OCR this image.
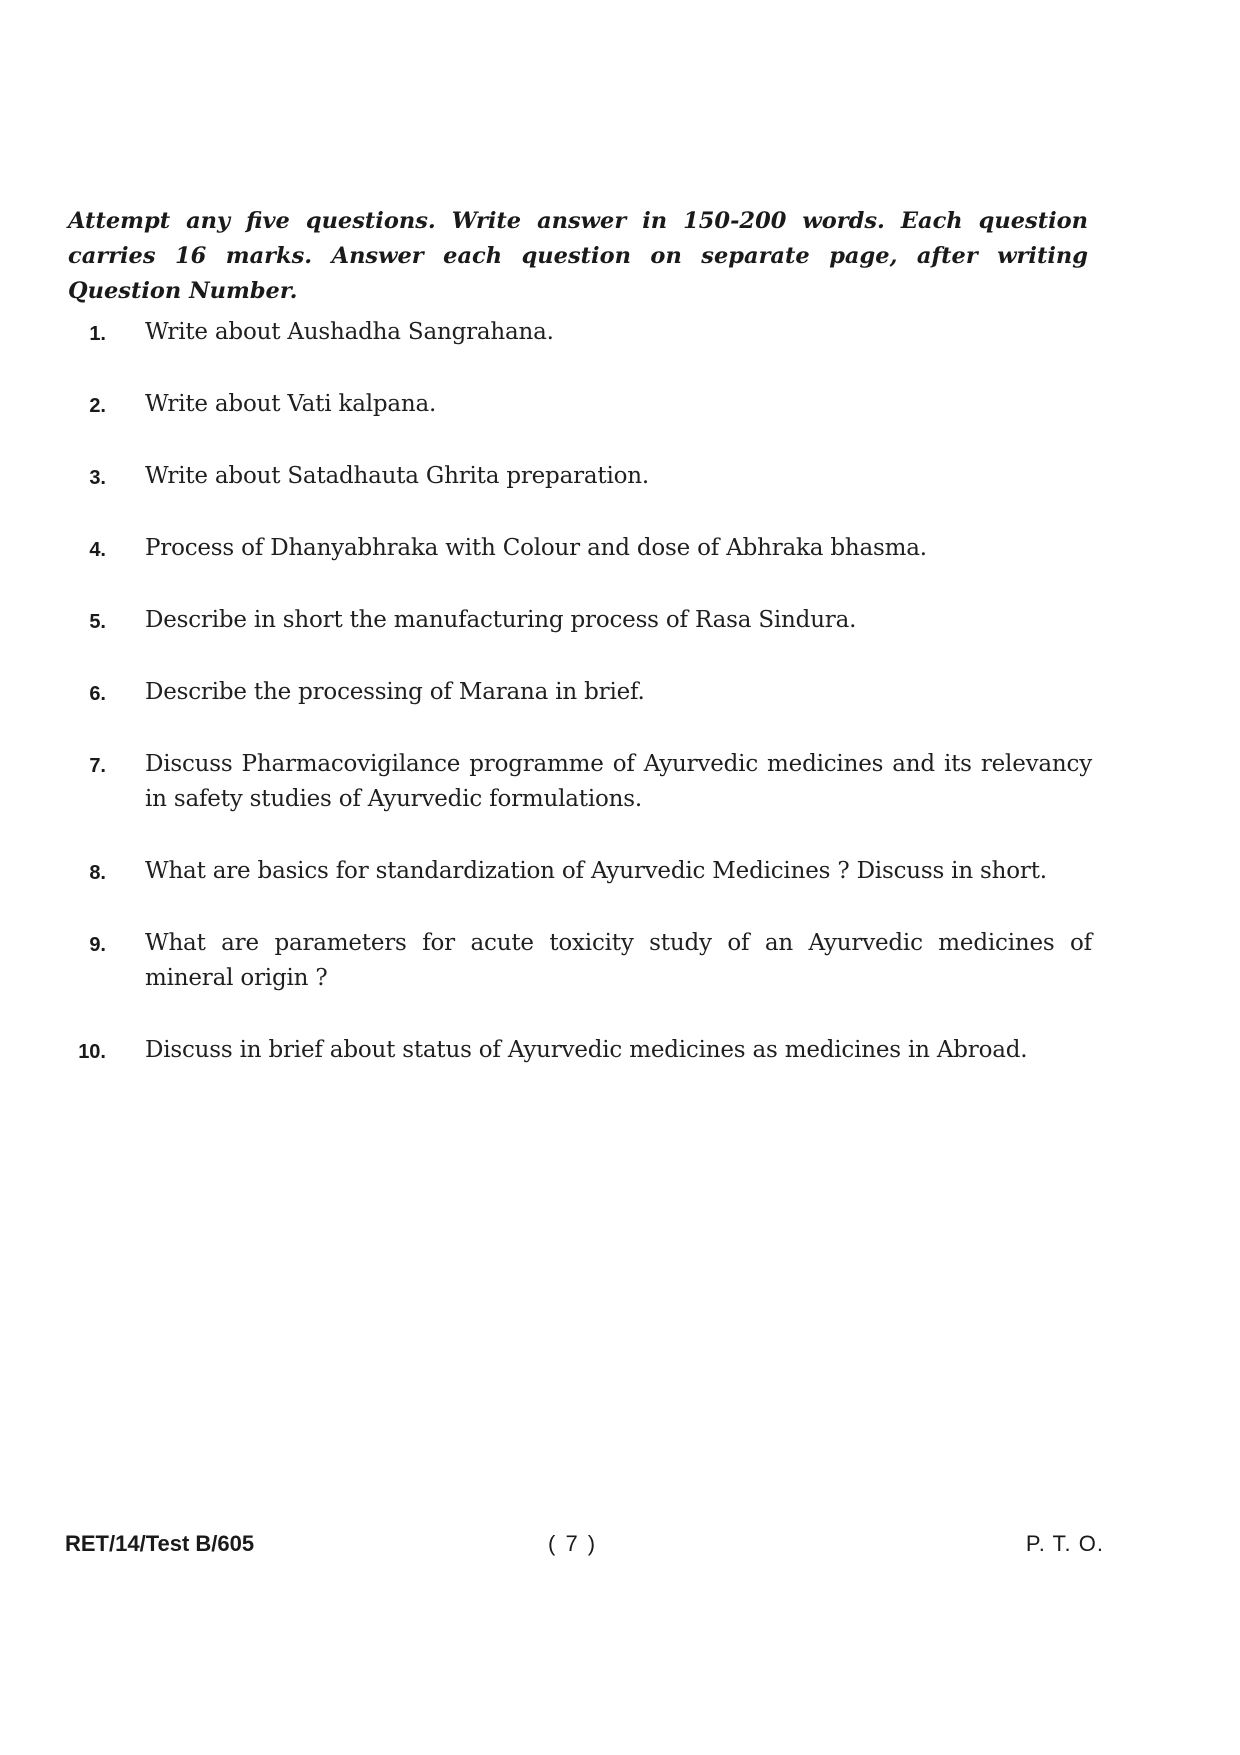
Attempt any five questions. Write answer in 150-200 words. Each question carries 16 marks. Answer each question on separate page, after writing Question Number.

1. Write about Aushadha Sangrahana.
2. Write about Vati kalpana.
3. Write about Satadhauta Ghrita preparation.
4. Process of Dhanyabhraka with Colour and dose of Abhraka bhasma.
5. Describe in short the manufacturing process of Rasa Sindura.
6. Describe the processing of Marana in brief.
7. Discuss Pharmacovigilance programme of Ayurvedic medicines and its relevancy in safety studies of Ayurvedic formulations.
8. What are basics for standardization of Ayurvedic Medicines ? Discuss in short.
9. What are parameters for acute toxicity study of an Ayurvedic medicines of mineral origin ?
10. Discuss in brief about status of Ayurvedic medicines as medicines in Abroad.
RET/14/Test B/605	( 7 )	P. T. O.
